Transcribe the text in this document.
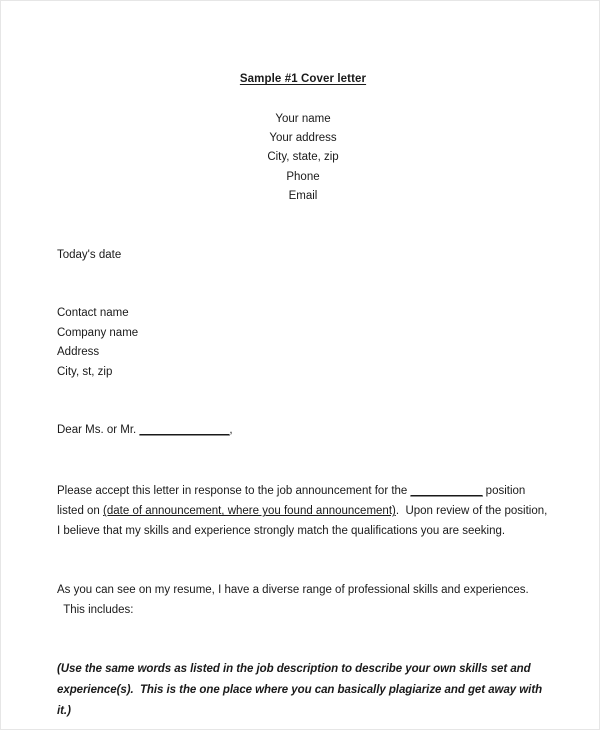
Sample #1 Cover letter
Your name
Your address
City, state, zip
Phone
Email
Today's date
Contact name
Company name
Address
City, st, zip
Dear Ms. or Mr. _______________,

Please accept this letter in response to the job announcement for the ____________ position listed on (date of announcement, where you found announcement). Upon review of the position, I believe that my skills and experience strongly match the qualifications you are seeking.

As you can see on my resume, I have a diverse range of professional skills and experiences.  This includes:

(Use the same words as listed in the job description to describe your own skills set and experience(s). This is the one place where you can basically plagiarize and get away with it.)
